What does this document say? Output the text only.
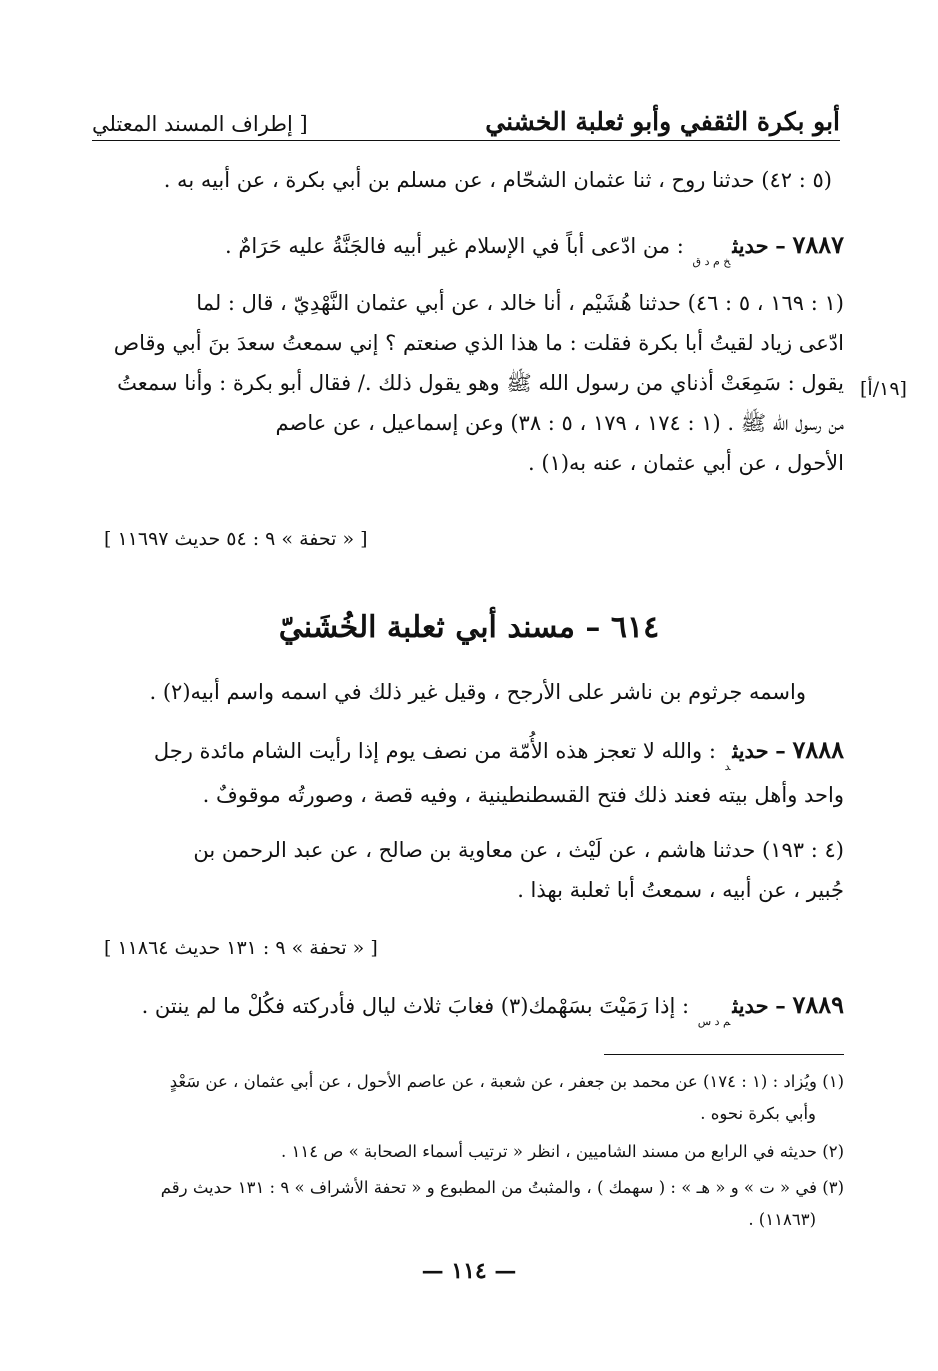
أبو بكرة الثقفي وأبو ثعلبة الخشني
[ إطراف المسند المعتلي
(٥ : ٤٢) حدثنا روح ، ثنا عثمان الشحّام ، عن مسلم بن أبي بكرة ، عن أبيه به .
٧٨٨٧ – حديث$_{خ م د ق}$ : من ادّعى أباً في الإسلام غير أبيه فالجَنَّةُ عليه حَرَامٌ .
(١ : ١٦٩ ، ٥ : ٤٦) حدثنا هُشَيْم ، أنا خالد ، عن أبي عثمان النَّهْدِيّ ، قال : لما
ادّعى زياد لقيتُ أبا بكرة فقلت : ما هذا الذي صنعتم ؟ إني سمعتُ سعدَ بنَ أبي وقاص
يقول : سَمِعَتْ أذناي من رسول الله ﷺ وهو يقول ذلك ./ فقال أبو بكرة : وأنا سمعتُ
من رسول الله ﷺ . (١ : ١٧٤ ، ١٧٩ ، ٥ : ٣٨) وعن إسماعيل ، عن عاصم
الأحول ، عن أبي عثمان ، عنه به(١) .
[١٩/أ]
[ « تحفة » ٩ : ٥٤ حديث ١١٦٩٧ ]
٦١٤ – مسند أبي ثعلبة الخُشَنيّ
واسمه جرثوم بن ناشر على الأرجح ، وقيل غير ذلك في اسمه واسم أبيه(٢) .
٧٨٨٨ – حديث$_د$ : والله لا تعجز هذه الأُمّة من نصف يوم إذا رأيت الشام مائدة رجل
واحد وأهل بيته فعند ذلك فتح القسطنطينية ، وفيه قصة ، وصورتُه موقوفٌ .
(٤ : ١٩٣) حدثنا هاشم ، عن لَيْث ، عن معاوية بن صالح ، عن عبد الرحمن بن
جُبير ، عن أبيه ، سمعتُ أبا ثعلبة بهذا .
[ « تحفة » ٩ : ١٣١ حديث ١١٨٦٤ ]
٧٨٨٩ – حديث$_{م د س}$ : إذا رَمَيْتَ بسَهْمك(٣) فغابَ ثلاث ليال فأدركته فكُلْ ما لم ينتن .
(١) ويُزاد : (١ : ١٧٤) عن محمد بن جعفر ، عن شعبة ، عن عاصم الأحول ، عن أبي عثمان ، عن سَعْدٍ
وأبي بكرة نحوه .
(٢) حديثه في الرابع من مسند الشاميين ، انظر « ترتيب أسماء الصحابة » ص ١١٤ .
(٣) في « ت » و « هـ » : ( سهمك ) ، والمثبتُ من المطبوع و « تحفة الأشراف » ٩ : ١٣١ حديث رقم
(١١٨٦٣) .
— ١١٤ —
